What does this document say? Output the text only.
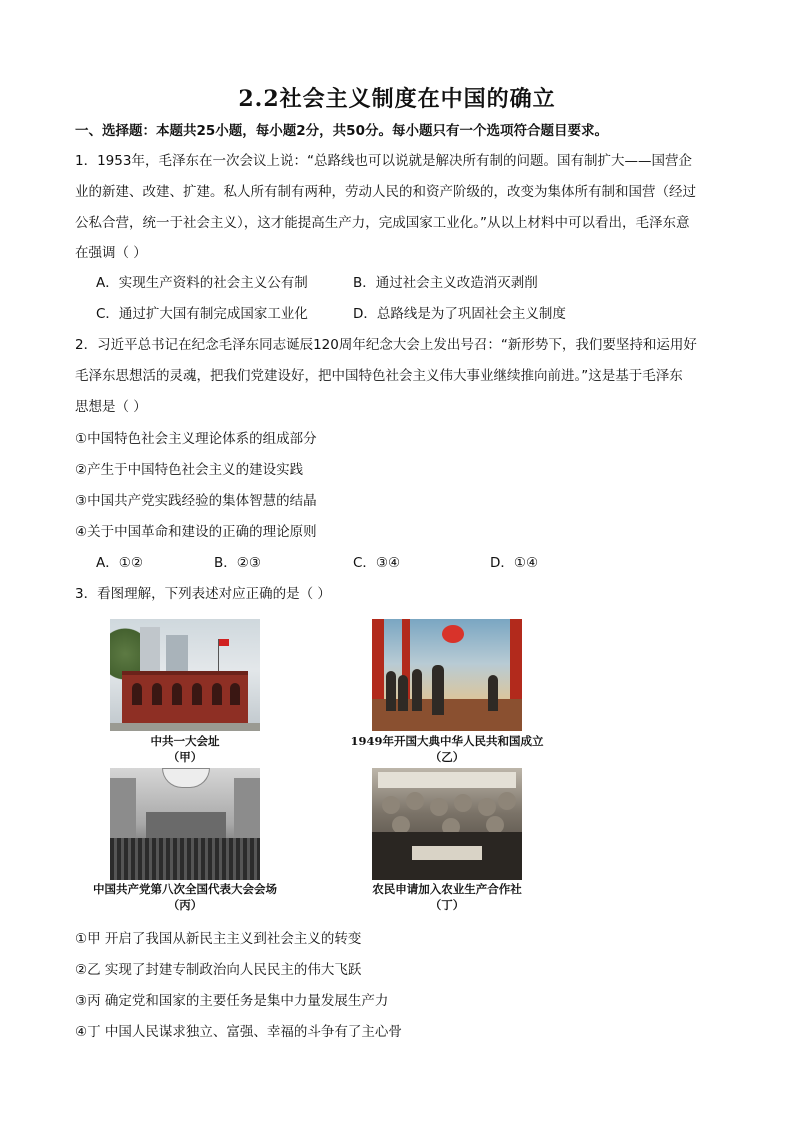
2.2社会主义制度在中国的确立
一、选择题：本题共25小题，每小题2分，共50分。每小题只有一个选项符合题目要求。
1．1953年，毛泽东在一次会议上说：“总路线也可以说就是解决所有制的问题。国有制扩大——国营企
业的新建、改建、扩建。私人所有制有两种，劳动人民的和资产阶级的，改变为集体所有制和国营（经过
公私合营，统一于社会主义），这才能提高生产力，完成国家工业化。”从以上材料中可以看出，毛泽东意
在强调（ ）
A．实现生产资料的社会主义公有制	B．通过社会主义改造消灭剥削
C．通过扩大国有制完成国家工业化	D．总路线是为了巩固社会主义制度
2．习近平总书记在纪念毛泽东同志诞辰120周年纪念大会上发出号召：“新形势下，我们要坚持和运用好
毛泽东思想活的灵魂，把我们党建设好，把中国特色社会主义伟大事业继续推向前进。”这是基于毛泽东
思想是（ ）
①中国特色社会主义理论体系的组成部分
②产生于中国特色社会主义的建设实践
③中国共产党实践经验的集体智慧的结晶
④关于中国革命和建设的正确的理论原则
A．①②	B．②③	C．③④	D．①④
3．看图理解，下列表述对应正确的是（ ）
中共一大会址
（甲）
1949年开国大典中华人民共和国成立
（乙）
中国共产党第八次全国代表大会会场
（丙）
农民申请加入农业生产合作社
（丁）
①甲 开启了我国从新民主主义到社会主义的转变
②乙 实现了封建专制政治向人民民主的伟大飞跃
③丙 确定党和国家的主要任务是集中力量发展生产力
④丁 中国人民谋求独立、富强、幸福的斗争有了主心骨
